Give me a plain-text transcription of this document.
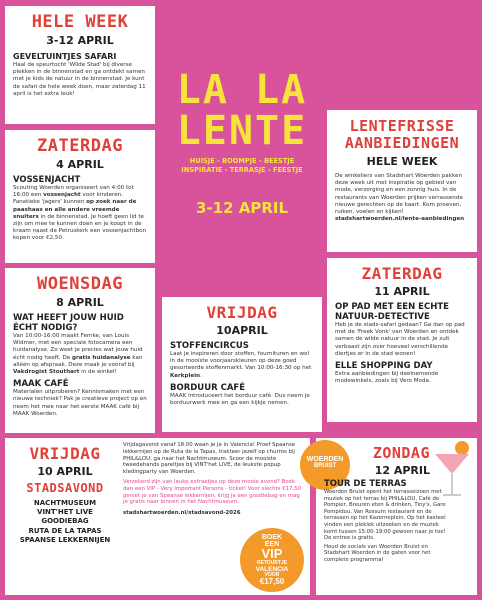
HELE WEEK
3-12 APRIL
GEVELTUINTJES SAFARI
Haal de speurtocht 'Wilde Stad' bij diverse plekken in de binnenstad en ga ontdekt samen met je kids de natuur in de binnenstad. Je kunt de safari de hele week doen, maar zaterdag 11 april is het extra leuk!
ZATERDAG
4 APRIL
VOSSENJACHT
Scouting Woerden organiseert van 4:00 tot 16:00 een vossenjacht voor kinderen. Fanatieke 'jagers' kunnen op zoek naar de paashaas en alle andere vreemde snuiters in de binnenstad. Je hoeft geen lid te zijn om mee te kunnen doen en je koopt in de kraam naast de Petruskerk een vossenjachtbon kopen voor €2,50.
WOENSDAG
8 APRIL
WAT HEEFT JOUW HUID ÉCHT NODIG?
Van 10:00-16:00 maakt Femke, van Louis Widmer, met een speciale fotocamera een huidanalyse. Zo weet je precies wat jouw huid écht nodig heeft. De gratis huidanalyse kan alléén op afspraak. Deze maak je vooraf bij Vakdrogist Stouthart in de winkel!
MAAK CAFÉ
Materialen uitproberen? Kennismaken met een nieuwe techniek? Pak je creatieve project op en neem het mee naar het eerste MAAK café bij MAAK Woerden.
LA LA
LENTE
HUISJE - BOOMPJE - BEESTJE
INSPIRATIE - TERRASJE - FEESTJE
3-12 APRIL
LENTEFRISSE
AANBIEDINGEN
HELE WEEK
De winkeliers van Stadshart Woerden pakken deze week uit met inspiratie op gebied van mode, verzorging en een zonnig huis. In de restaurants van Woerden prijken verrassende nieuwe gerechten op de kaart. Kom proeven, ruiken, voelen en kijken!
stadshartwoerden.nl/lente-aanbiedingen
VRIJDAG
10APRIL
STOFFENCIRCUS
Laat je inspireren door stoffen, fournituren en wol in de mooiste voorjaarskleuren op deze goed gesorteerde stoffenmarkt. Van 10:00-16:30 op het Kerkplein.
BORDUUR CAFÉ
MAAK introduceert het borduur café. Dus neem je borduurwerk mee en ga een kijkje nemen.
ZATERDAG
11 APRIL
OP PAD MET EEN ECHTE NATUUR-DETECTIVE
Heb je de stads-safari gedaan? Ga dan op pad met de 'Freek Vonk' van Woerden en ontdek samen de wilde natuur in de stad. Je zult verbaast zijn over hoeveel verschillende diertjes er in de stad wonen!
ELLE SHOPPING DAY
Extra aanbiedingen bij deelnemende modewinkels, zoals bij Vero Moda.
VRIJDAG
10 APRIL
STADSAVOND
NACHTMUSEUM
VINT'HET LIVE
GOODIEBAG
RUTA DE LA TAPAS
SPAANSE LEKKERNIJEN
Vrijdagavond vanaf 18.00 waan je je in Valencia! Proef Spaanse lekkernijen op de Ruta de la Tapas, trakteer jezelf op churros bij PHIL&LOU, ga naar het Nachtmuseum. Scoor de mooiste tweedehands pareltjes bij VINT'het LIVE, de leukste popup kledingparty van Woerden.
Verzekerd zijn van leuke extraatjes op deze mooie avond? Boek dan een VIP - Very Important Persons - ticket! Voor slechts €17,50 geniet je van Spaanse lekkernijen, krijg je een goodiebag en mag je gratis naar binnen in het Nachtmuseum.
stadshartwoerden.nl/stadsavond-2026
BOEK
EEN
VIP
RETOURTJE
VALENCIA
VOOR
€17,50
WOERDEN
BRUIST
ZONDAG
12 APRIL
TOUR DE TERRAS
Woerden Bruist opent het terrasseizoen met muziek op het terras bij PHIL&LOU, Café de Pompier, Breuren eten & drinken, Tiny's, Gare Pompidou, Van Rossum restaurant en de terrassen op het Kazerneplein. Op het kasteel vinden een pleklek uitzoeken en de muziek komt tussen 15:00-19:00 gewoon naar je toe! De entree is gratis.
Houd de socials van Woerden Bruist en Stadshart Woerden in de gaten voor het complete programma!
